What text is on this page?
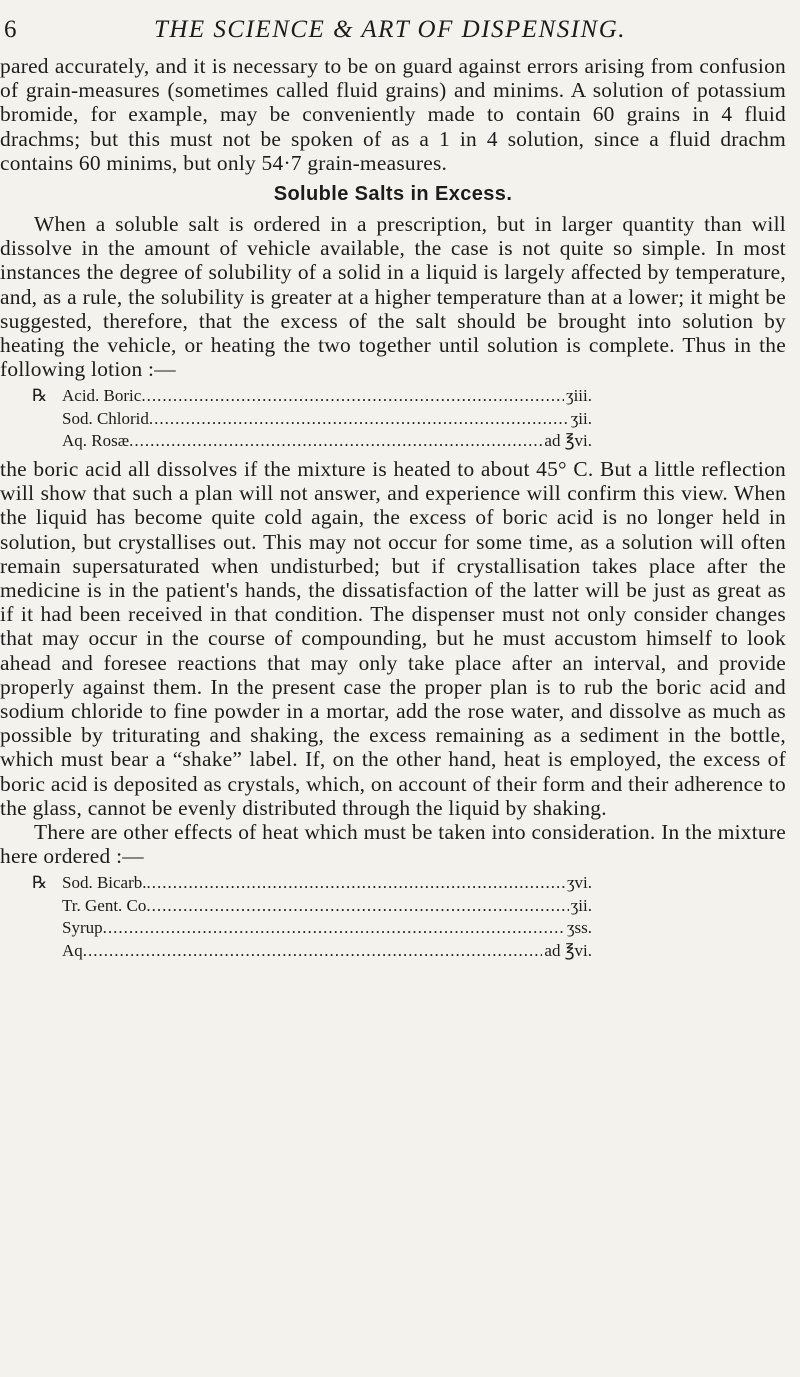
6	THE SCIENCE & ART OF DISPENSING.

pared accurately, and it is necessary to be on guard against errors arising from confusion of grain-measures (sometimes called fluid grains) and minims. A solution of potassium bromide, for example, may be conveniently made to contain 60 grains in 4 fluid drachms; but this must not be spoken of as a 1 in 4 solution, since a fluid drachm contains 60 minims, but only 54·7 grain-measures.

Soluble Salts in Excess.

When a soluble salt is ordered in a prescription, but in larger quantity than will dissolve in the amount of vehicle available, the case is not quite so simple. In most instances the degree of solubility of a solid in a liquid is largely affected by temperature, and, as a rule, the solubility is greater at a higher temperature than at a lower; it might be suggested, therefore, that the excess of the salt should be brought into solution by heating the vehicle, or heating the two together until solution is complete. Thus in the following lotion :—

℞ Acid. Boric .....	ʒiii.
Sod. Chlorid .....	ʒii.
Aq. Rosæ .....	ad ℥vi.

the boric acid all dissolves if the mixture is heated to about 45° C. But a little reflection will show that such a plan will not answer, and experience will confirm this view. When the liquid has become quite cold again, the excess of boric acid is no longer held in solution, but crystallises out. This may not occur for some time, as a solution will often remain supersaturated when undisturbed; but if crystallisation takes place after the medicine is in the patient's hands, the dissatisfaction of the latter will be just as great as if it had been received in that condition. The dispenser must not only consider changes that may occur in the course of compounding, but he must accustom himself to look ahead and foresee reactions that may only take place after an interval, and provide properly against them. In the present case the proper plan is to rub the boric acid and sodium chloride to fine powder in a mortar, add the rose water, and dissolve as much as possible by triturating and shaking, the excess remaining as a sediment in the bottle, which must bear a “shake” label. If, on the other hand, heat is employed, the excess of boric acid is deposited as crystals, which, on account of their form and their adherence to the glass, cannot be evenly distributed through the liquid by shaking.

There are other effects of heat which must be taken into consideration. In the mixture here ordered :—

℞ Sod. Bicarb. .....	ʒvi.
Tr. Gent. Co .....	ʒii.
Syrup .....	ʒss.
Aq .....	ad ℥vi.
